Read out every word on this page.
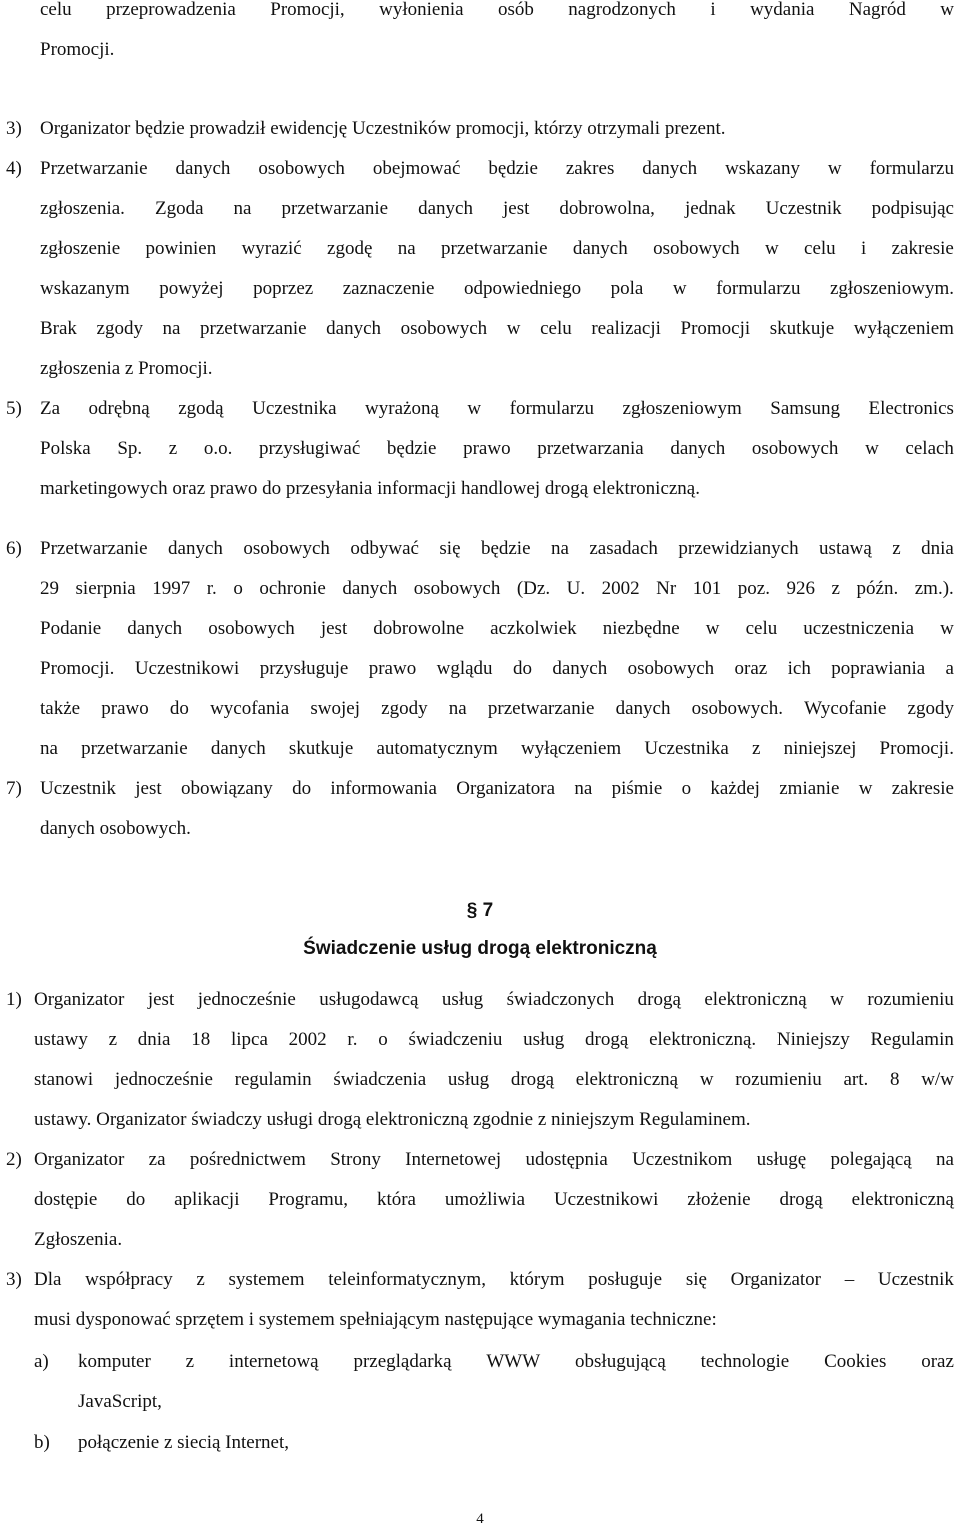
celu przeprowadzenia Promocji, wyłonienia osób nagrodzonych i wydania Nagród w
Promocji.
3) Organizator będzie prowadził ewidencję Uczestników promocji, którzy otrzymali prezent.
4) Przetwarzanie danych osobowych obejmować będzie zakres danych wskazany w formularzu
zgłoszenia. Zgoda na przetwarzanie danych jest dobrowolna, jednak Uczestnik podpisując
zgłoszenie powinien wyrazić zgodę na przetwarzanie danych osobowych w celu i zakresie
wskazanym powyżej poprzez zaznaczenie odpowiedniego pola w formularzu zgłoszeniowym.
Brak zgody na przetwarzanie danych osobowych w celu realizacji Promocji skutkuje wyłączeniem
zgłoszenia z Promocji.
5) Za odrębną zgodą Uczestnika wyrażoną w formularzu zgłoszeniowym Samsung Electronics
Polska Sp. z o.o. przysługiwać będzie prawo przetwarzania danych osobowych w celach
marketingowych oraz prawo do przesyłania informacji handlowej drogą elektroniczną.
6) Przetwarzanie danych osobowych odbywać się będzie na zasadach przewidzianych ustawą z dnia
29 sierpnia 1997 r. o ochronie danych osobowych (Dz. U. 2002 Nr 101 poz. 926 z późn. zm.).
Podanie danych osobowych jest dobrowolne aczkolwiek niezbędne w celu uczestniczenia w
Promocji. Uczestnikowi przysługuje prawo wglądu do danych osobowych oraz ich poprawiania a
także prawo do wycofania swojej zgody na przetwarzanie danych osobowych. Wycofanie zgody
na przetwarzanie danych skutkuje automatycznym wyłączeniem Uczestnika z niniejszej Promocji.
7) Uczestnik jest obowiązany do informowania Organizatora na piśmie o każdej zmianie w zakresie
danych osobowych.
§ 7
Świadczenie usług drogą elektroniczną
1) Organizator jest jednocześnie usługodawcą usług świadczonych drogą elektroniczną w rozumieniu
ustawy z dnia 18 lipca 2002 r. o świadczeniu usług drogą elektroniczną. Niniejszy Regulamin
stanowi jednocześnie regulamin świadczenia usług drogą elektroniczną w rozumieniu art. 8 w/w
ustawy. Organizator świadczy usługi drogą elektroniczną zgodnie z niniejszym Regulaminem.
2) Organizator za pośrednictwem Strony Internetowej udostępnia Uczestnikom usługę polegającą na
dostępie do aplikacji Programu, która umożliwia Uczestnikowi złożenie drogą elektroniczną
Zgłoszenia.
3) Dla współpracy z systemem teleinformatycznym, którym posługuje się Organizator – Uczestnik
musi dysponować sprzętem i systemem spełniającym następujące wymagania techniczne:
a) komputer z internetową przeglądarką WWW obsługującą technologie Cookies oraz
JavaScript,
b) połączenie z siecią Internet,
4
